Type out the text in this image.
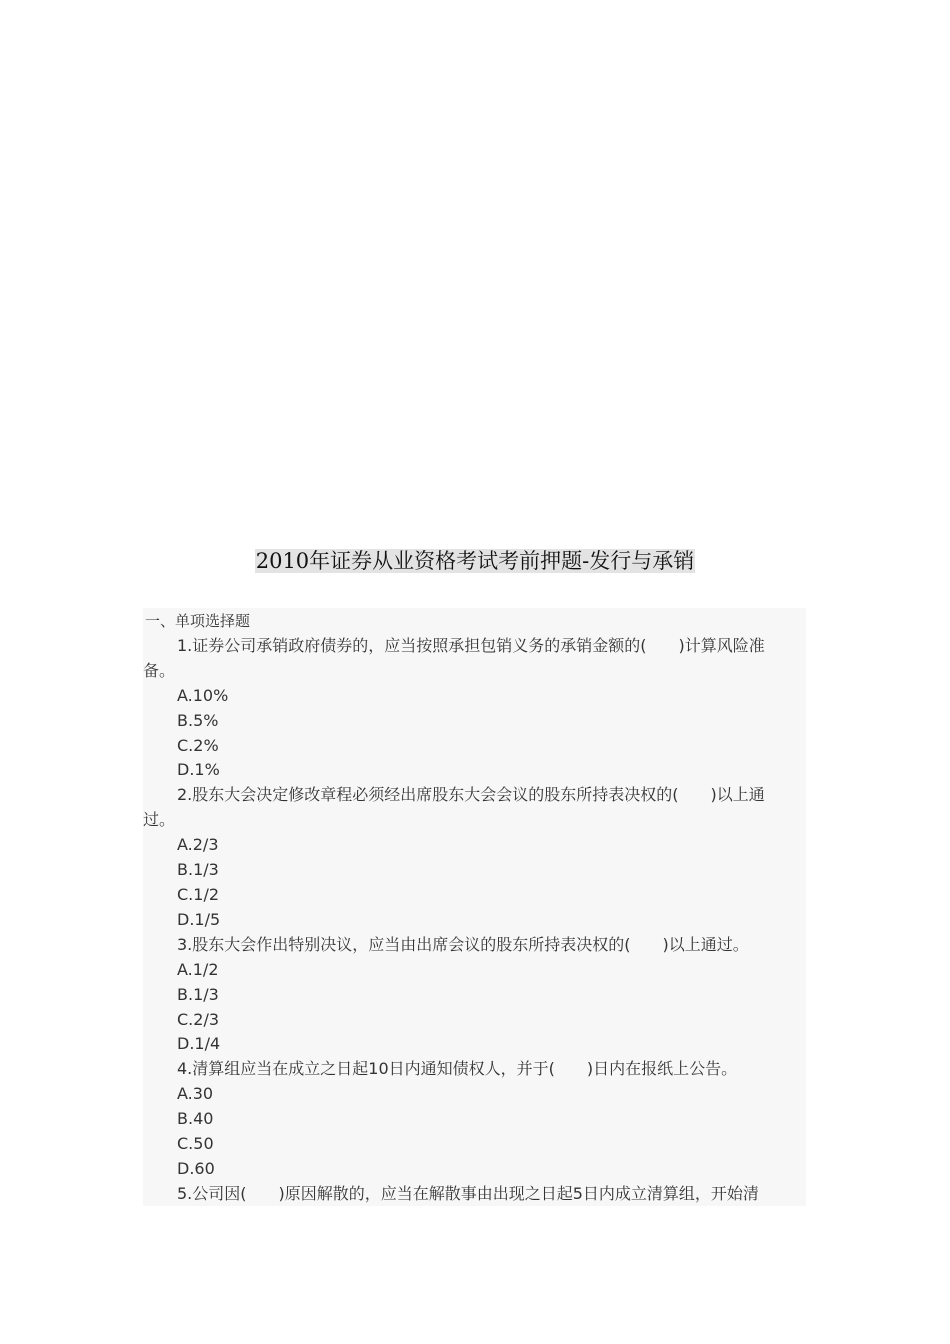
2010年证券从业资格考试考前押题-发行与承销
一、单项选择题
1.证券公司承销政府债券的，应当按照承担包销义务的承销金额的(　　)计算风险准
备。
A.10%
B.5%
C.2%
D.1%
2.股东大会决定修改章程必须经出席股东大会会议的股东所持表决权的(　　)以上通
过。
A.2/3
B.1/3
C.1/2
D.1/5
3.股东大会作出特别决议，应当由出席会议的股东所持表决权的(　　)以上通过。
A.1/2
B.1/3
C.2/3
D.1/4
4.清算组应当在成立之日起10日内通知债权人，并于(　　)日内在报纸上公告。
A.30
B.40
C.50
D.60
5.公司因(　　)原因解散的，应当在解散事由出现之日起5日内成立清算组，开始清
